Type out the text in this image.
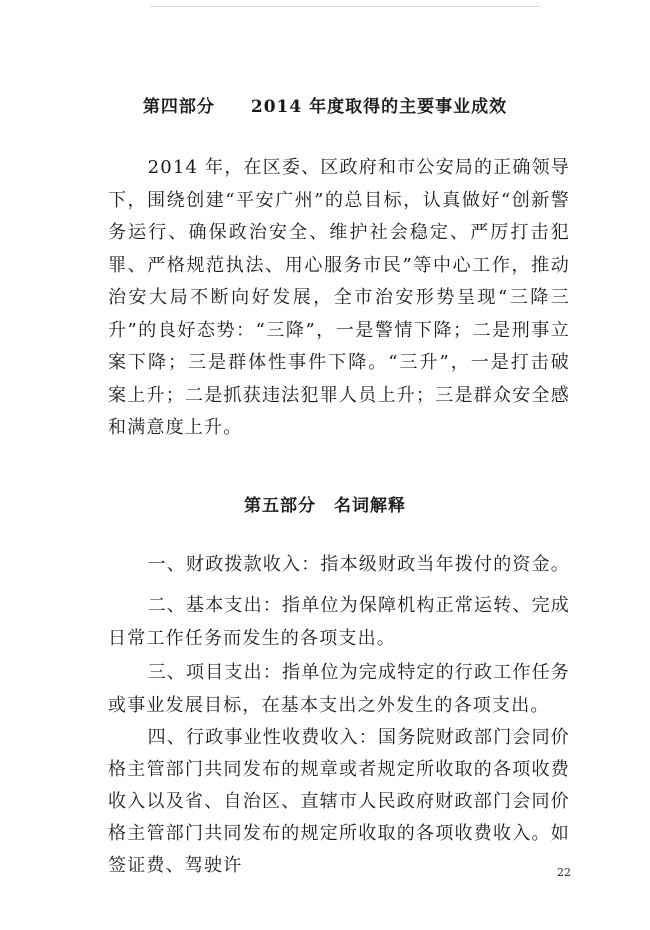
第四部分　　2014 年度取得的主要事业成效

2014 年，在区委、区政府和市公安局的正确领导下，围绕创建“平安广州”的总目标，认真做好“创新警务运行、确保政治安全、维护社会稳定、严厉打击犯罪、严格规范执法、用心服务市民”等中心工作，推动治安大局不断向好发展，全市治安形势呈现“三降三升”的良好态势：“三降”，一是警情下降；二是刑事立案下降；三是群体性事件下降。“三升”，一是打击破案上升；二是抓获违法犯罪人员上升；三是群众安全感和满意度上升。

第五部分　名词解释

一、财政拨款收入：指本级财政当年拨付的资金。

二、基本支出：指单位为保障机构正常运转、完成日常工作任务而发生的各项支出。

三、项目支出：指单位为完成特定的行政工作任务或事业发展目标，在基本支出之外发生的各项支出。

四、行政事业性收费收入：国务院财政部门会同价格主管部门共同发布的规章或者规定所收取的各项收费收入以及省、自治区、直辖市人民政府财政部门会同价格主管部门共同发布的规定所收取的各项收费收入。如签证费、驾驶许	22
